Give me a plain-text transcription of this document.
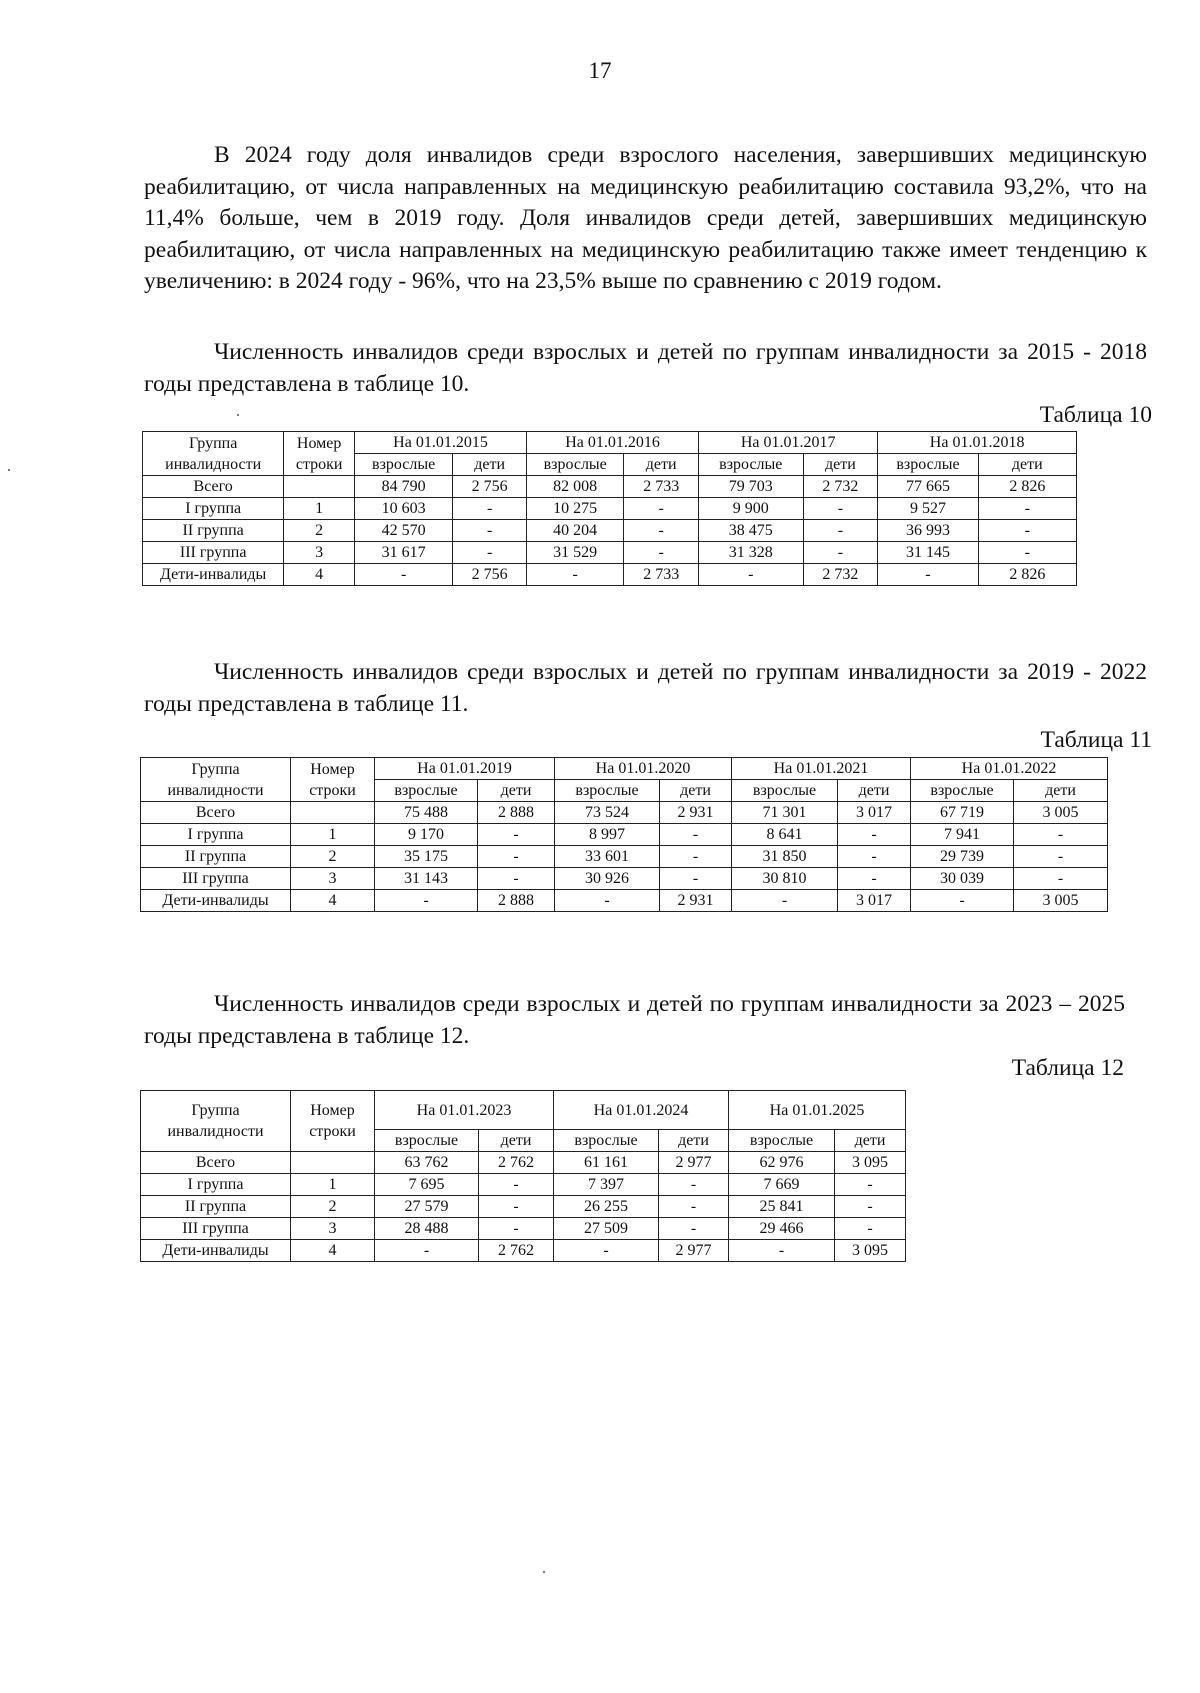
17

В 2024 году доля инвалидов среди взрослого населения, завершивших медицинскую реабилитацию, от числа направленных на медицинскую реабилитацию составила 93,2%, что на 11,4% больше, чем в 2019 году. Доля инвалидов среди детей, завершивших медицинскую реабилитацию, от числа направленных на медицинскую реабилитацию также имеет тенденцию к увеличению: в 2024 году - 96%, что на 23,5% выше по сравнению с 2019 годом.

Численность инвалидов среди взрослых и детей по группам инвалидности за 2015 - 2018 годы представлена в таблице 10.

Таблица 10
Группа инвалидности	Номер строки	На 01.01.2015		На 01.01.2016		На 01.01.2017		На 01.01.2018	
		взрослые	дети	взрослые	дети	взрослые	дети	взрослые	дети
Всего		84 790	2 756	82 008	2 733	79 703	2 732	77 665	2 826
I группа	1	10 603	-	10 275	-	9 900	-	9 527	-
II группа	2	42 570	-	40 204	-	38 475	-	36 993	-
III группа	3	31 617	-	31 529	-	31 328	-	31 145	-
Дети-инвалиды	4	-	2 756	-	2 733	-	2 732	-	2 826

Численность инвалидов среди взрослых и детей по группам инвалидности за 2019 - 2022 годы представлена в таблице 11.

Таблица 11
Группа инвалидности	Номер строки	На 01.01.2019		На 01.01.2020		На 01.01.2021		На 01.01.2022	
		взрослые	дети	взрослые	дети	взрослые	дети	взрослые	дети
Всего		75 488	2 888	73 524	2 931	71 301	3 017	67 719	3 005
I группа	1	9 170	-	8 997	-	8 641	-	7 941	-
II группа	2	35 175	-	33 601	-	31 850	-	29 739	-
III группа	3	31 143	-	30 926	-	30 810	-	30 039	-
Дети-инвалиды	4	-	2 888	-	2 931	-	3 017	-	3 005

Численность инвалидов среди взрослых и детей по группам инвалидности за 2023 – 2025 годы представлена в таблице 12.

Таблица 12
Группа инвалидности	Номер строки	На 01.01.2023		На 01.01.2024		На 01.01.2025	
		взрослые	дети	взрослые	дети	взрослые	дети
Всего		63 762	2 762	61 161	2 977	62 976	3 095
I группа	1	7 695	-	7 397	-	7 669	-
II группа	2	27 579	-	26 255	-	25 841	-
III группа	3	28 488	-	27 509	-	29 466	-
Дети-инвалиды	4	-	2 762	-	2 977	-	3 095
